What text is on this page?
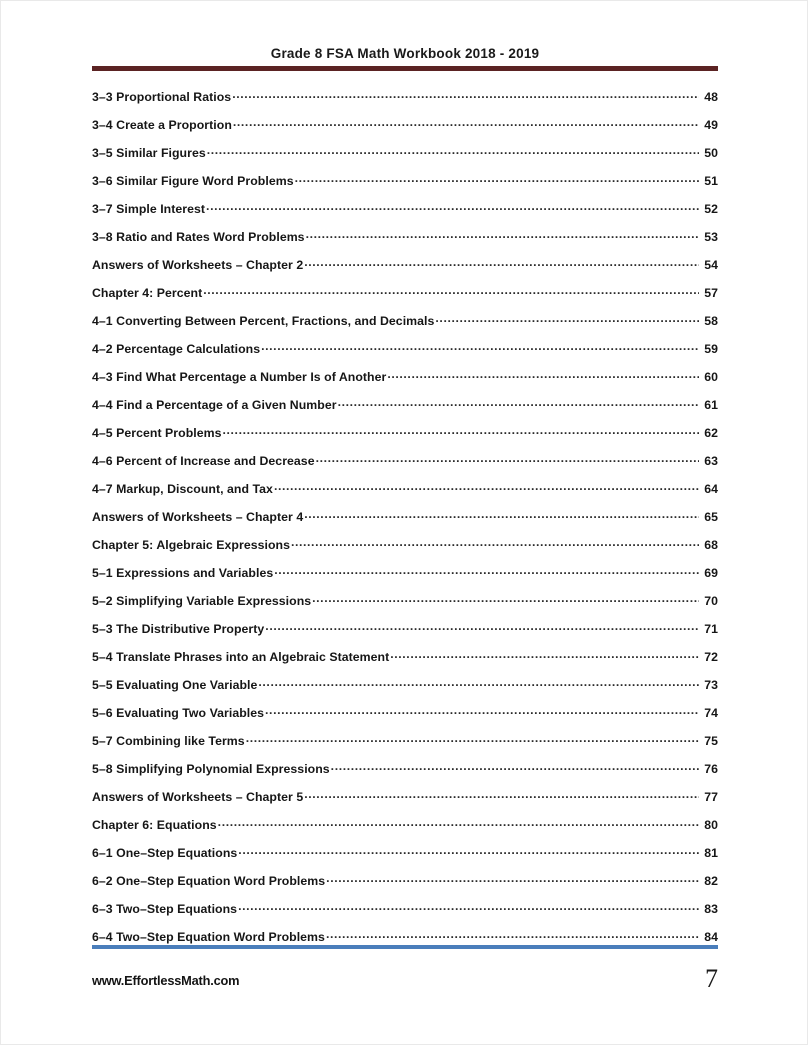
Grade 8 FSA Math Workbook 2018 - 2019
3–3 Proportional Ratios .....	48
3–4 Create a Proportion .....	49
3–5 Similar Figures .....	50
3–6 Similar Figure Word Problems .....	51
3–7 Simple Interest .....	52
3–8 Ratio and Rates Word Problems .....	53
Answers of Worksheets – Chapter 2 .....	54
Chapter 4: Percent .....	57
4–1 Converting Between Percent, Fractions, and Decimals .....	58
4–2 Percentage Calculations .....	59
4–3 Find What Percentage a Number Is of Another .....	60
4–4 Find a Percentage of a Given Number .....	61
4–5 Percent Problems .....	62
4–6 Percent of Increase and Decrease .....	63
4–7 Markup, Discount, and Tax .....	64
Answers of Worksheets – Chapter 4 .....	65
Chapter 5: Algebraic Expressions .....	68
5–1 Expressions and Variables .....	69
5–2 Simplifying Variable Expressions .....	70
5–3 The Distributive Property .....	71
5–4 Translate Phrases into an Algebraic Statement .....	72
5–5 Evaluating One Variable .....	73
5–6 Evaluating Two Variables .....	74
5–7 Combining like Terms .....	75
5–8 Simplifying Polynomial Expressions .....	76
Answers of Worksheets – Chapter 5 .....	77
Chapter 6: Equations .....	80
6–1 One–Step Equations .....	81
6–2 One–Step Equation Word Problems .....	82
6–3 Two–Step Equations .....	83
6–4 Two–Step Equation Word Problems .....	84
www.EffortlessMath.com	7
